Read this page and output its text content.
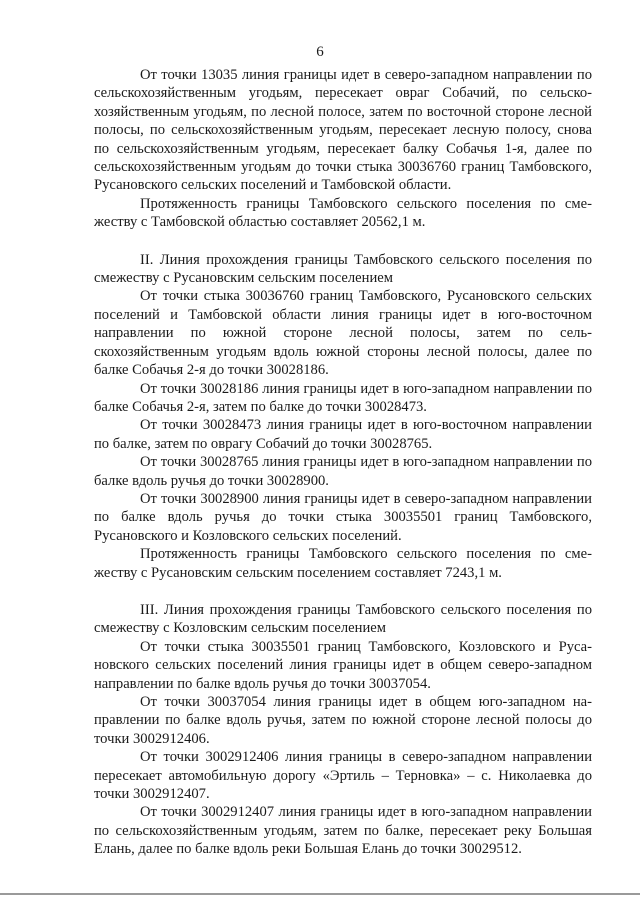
6

От точки 13035 линия границы идет в северо-западном направлении по сельскохозяйственным угодьям, пересекает овраг Собачий, по сельскохозяйственным угодьям, по лесной полосе, затем по восточной стороне лесной полосы, по сельскохозяйственным угодьям, пересекает лесную полосу, снова по сельскохозяйственным угодьям, пересекает балку Собачья 1-я, далее по сельскохозяйственным угодьям до точки стыка 30036760 границ Тамбовского, Русановского сельских поселений и Тамбовской области.

Протяженность границы Тамбовского сельского поселения по смежеству с Тамбовской областью составляет 20562,1 м.

II. Линия прохождения границы Тамбовского сельского поселения по смежеству с Русановским сельским поселением

От точки стыка 30036760 границ Тамбовского, Русановского сельских поселений и Тамбовской области линия границы идет в юго-восточном направлении по южной стороне лесной полосы, затем по сельскохозяйственным угодьям вдоль южной стороны лесной полосы, далее по балке Собачья 2-я до точки 30028186.

От точки 30028186 линия границы идет в юго-западном направлении по балке Собачья 2-я, затем по балке до точки 30028473.

От точки 30028473 линия границы идет в юго-восточном направлении по балке, затем по оврагу Собачий до точки 30028765.

От точки 30028765 линия границы идет в юго-западном направлении по балке вдоль ручья до точки 30028900.

От точки 30028900 линия границы идет в северо-западном направлении по балке вдоль ручья до точки стыка 30035501 границ Тамбовского, Русановского и Козловского сельских поселений.

Протяженность границы Тамбовского сельского поселения по смежеству с Русановским сельским поселением составляет 7243,1 м.

III. Линия прохождения границы Тамбовского сельского поселения по смежеству с Козловским сельским поселением

От точки стыка 30035501 границ Тамбовского, Козловского и Русановского сельских поселений линия границы идет в общем северо-западном направлении по балке вдоль ручья до точки 30037054.

От точки 30037054 линия границы идет в общем юго-западном направлении по балке вдоль ручья, затем по южной стороне лесной полосы до точки 3002912406.

От точки 3002912406 линия границы в северо-западном направлении пересекает автомобильную дорогу «Эртиль – Терновка» – с. Николаевка до точки 3002912407.

От точки 3002912407 линия границы идет в юго-западном направлении по сельскохозяйственным угодьям, затем по балке, пересекает реку Большая Елань, далее по балке вдоль реки Большая Елань до точки 30029512.
